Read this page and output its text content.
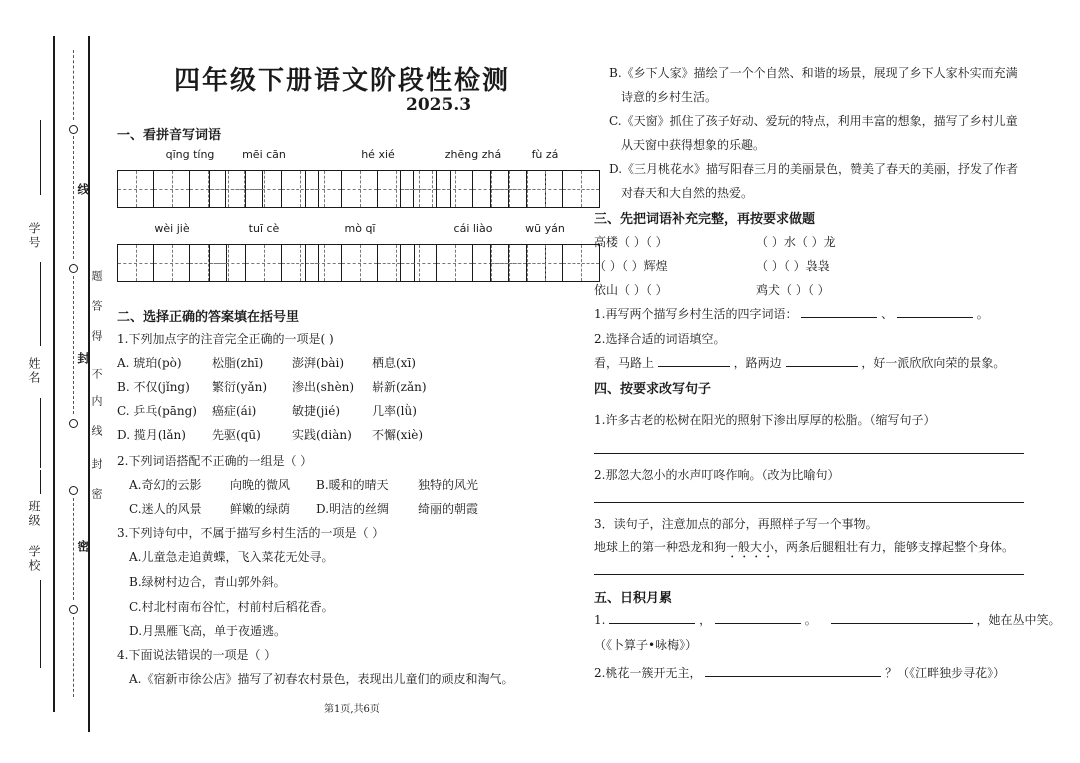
学号
姓名
班级
学校
线
封
密
题
答
得
不
内
线
封
密
四年级下册语文阶段性检测
2025.3
一、看拼音写词语
qīng tíng	mēi cān	hé xié	zhēng zhá	fù zá
wèi jiè	tuī cè	mò qī	cái liào	wū yán
二、选择正确的答案填在括号里
1.下列加点字的注音完全正确的一项是( )
A. 琥珀(pò)	松脂(zhī) 澎湃(bài) 栖息(xī)
B. 不仅(jǐng) 繁衍(yǎn) 渗出(shèn) 崭新(zǎn)
C. 乒乓(pāng) 癌症(ái)	敏捷(jié)	几率(lǜ)
D. 揽月(lǎn) 先驱(qū)	实践(diàn) 不懈(xiè)
2.下列词语搭配不正确的一组是（ ）
A.奇幻的云影 向晚的微风 B.暖和的晴天 独特的风光
C.迷人的风景 鲜嫩的绿荫 D.明洁的丝绸 绮丽的朝霞
3.下列诗句中，不属于描写乡村生活的一项是（ ）
A.儿童急走追黄蝶，飞入菜花无处寻。
B.绿树村边合，青山郭外斜。
C.村北村南布谷忙，村前村后稻花香。
D.月黑雁飞高，单于夜遁逃。
4.下面说法错误的一项是（ ）
A.《宿新市徐公店》描写了初春农村景色，表现出儿童们的顽皮和淘气。
第1页,共6页
B.《乡下人家》描绘了一个个自然、和谐的场景，展现了乡下人家朴实而充满
诗意的乡村生活。
C.《天窗》抓住了孩子好动、爱玩的特点，利用丰富的想象，描写了乡村儿童
从天窗中获得想象的乐趣。
D.《三月桃花水》描写阳春三月的美丽景色，赞美了春天的美丽，抒发了作者
对春天和大自然的热爱。
三、先把词语补充完整，再按要求做题
高楼（ ）（ ）	（ ）水（ ）龙
（ ）（ ）辉煌	（ ）（ ）袅袅
依山（ ）（ ）	鸡犬（ ）（ ）
1.再写两个描写乡村生活的四字词语：	、	。
2.选择合适的词语填空。
看，马路上	，路两边	，好一派欣欣向荣的景象。
四、按要求改写句子
1.许多古老的松树在阳光的照射下渗出厚厚的松脂。（缩写句子）
2.那忽大忽小的水声叮咚作响。（改为比喻句）
3．读句子，注意加点的部分，再照样子写一个事物。
地球上的第一种恐龙和狗一般大小，两条后腿粗壮有力，能够支撑起整个身体。
五、日积月累
1.	，	。	，她在丛中笑。
（《卜算子•咏梅》）
2.桃花一簇开无主，	？（《江畔独步寻花》）
